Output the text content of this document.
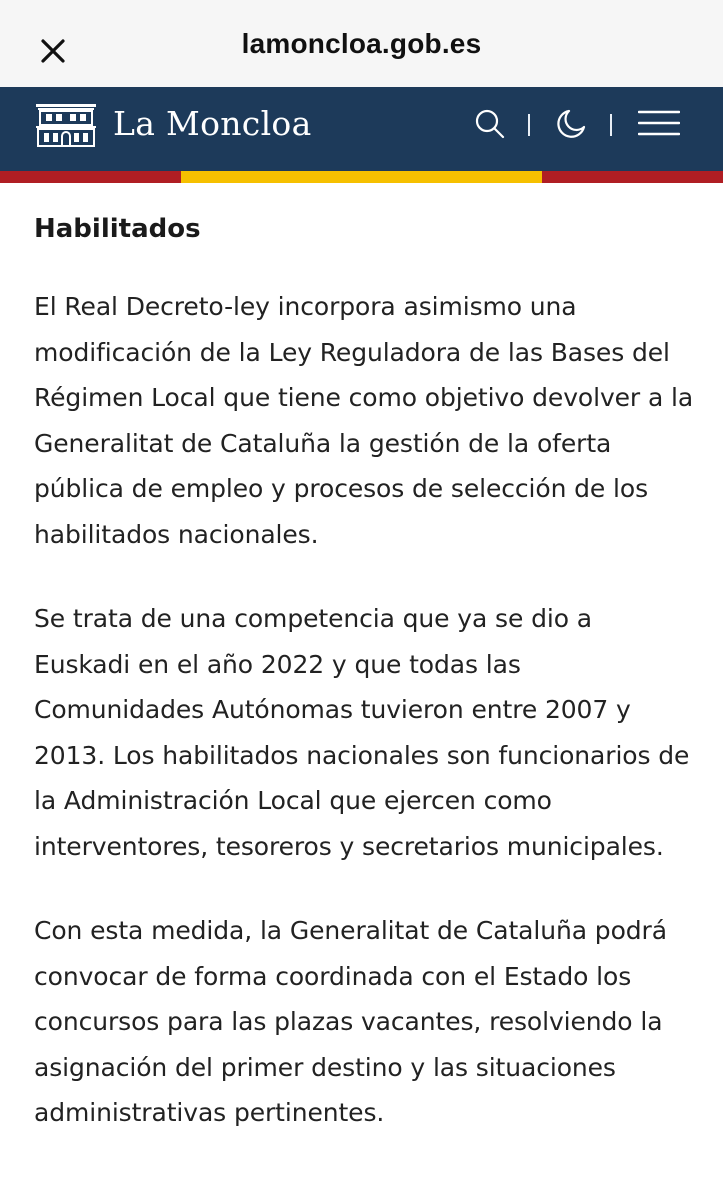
lamoncloa.gob.es
La Moncloa
Habilitados

El Real Decreto-ley incorpora asimismo una modificación de la Ley Reguladora de las Bases del Régimen Local que tiene como objetivo devolver a la Generalitat de Cataluña la gestión de la oferta pública de empleo y procesos de selección de los habilitados nacionales.

Se trata de una competencia que ya se dio a Euskadi en el año 2022 y que todas las Comunidades Autónomas tuvieron entre 2007 y 2013. Los habilitados nacionales son funcionarios de la Administración Local que ejercen como interventores, tesoreros y secretarios municipales.

Con esta medida, la Generalitat de Cataluña podrá convocar de forma coordinada con el Estado los concursos para las plazas vacantes, resolviendo la asignación del primer destino y las situaciones administrativas pertinentes.
